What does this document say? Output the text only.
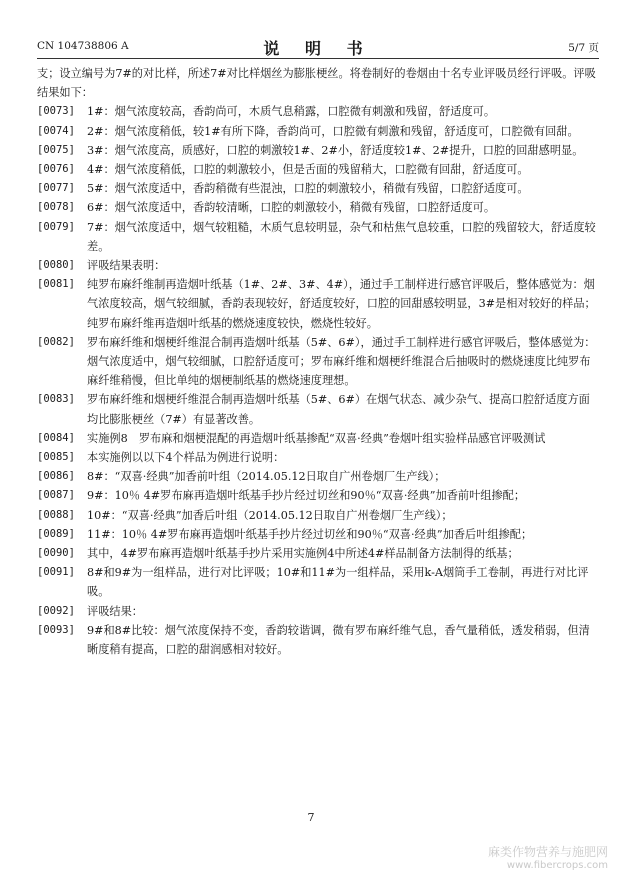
CN 104738806 A	说 明 书	5/7 页

支；设立编号为7#的对比样，所述7#对比样烟丝为膨胀梗丝。将卷制好的卷烟由十名专业评吸员经行评吸。评吸结果如下：

[0073] 1#：烟气浓度较高，香韵尚可，木质气息稍露，口腔微有刺激和残留，舒适度可。

[0074] 2#：烟气浓度稍低，较1#有所下降，香韵尚可，口腔微有刺激和残留，舒适度可，口腔微有回甜。

[0075] 3#：烟气浓度高，质感好，口腔的刺激较1#、2#小，舒适度较1#、2#提升，口腔的回甜感明显。

[0076] 4#：烟气浓度稍低，口腔的刺激较小，但是舌面的残留稍大，口腔微有回甜，舒适度可。

[0077] 5#：烟气浓度适中，香韵稍微有些混浊，口腔的刺激较小，稍微有残留，口腔舒适度可。

[0078] 6#：烟气浓度适中，香韵较清晰，口腔的刺激较小，稍微有残留，口腔舒适度可。

[0079] 7#：烟气浓度适中，烟气较粗糙，木质气息较明显，杂气和枯焦气息较重，口腔的残留较大，舒适度较差。

[0080] 评吸结果表明：

[0081] 纯罗布麻纤维制再造烟叶纸基（1#、2#、3#、4#），通过手工制样进行感官评吸后，整体感觉为：烟气浓度较高，烟气较细腻，香韵表现较好，舒适度较好，口腔的回甜感较明显，3#是相对较好的样品；纯罗布麻纤维再造烟叶纸基的燃烧速度较快，燃烧性较好。

[0082] 罗布麻纤维和烟梗纤维混合制再造烟叶纸基（5#、6#），通过手工制样进行感官评吸后，整体感觉为：烟气浓度适中，烟气较细腻，口腔舒适度可；罗布麻纤维和烟梗纤维混合后抽吸时的燃烧速度比纯罗布麻纤维稍慢，但比单纯的烟梗制纸基的燃烧速度理想。

[0083] 罗布麻纤维和烟梗纤维混合制再造烟叶纸基（5#、6#）在烟气状态、减少杂气、提高口腔舒适度方面均比膨胀梗丝（7#）有显著改善。

[0084] 实施例8　罗布麻和烟梗混配的再造烟叶纸基掺配“双喜·经典”卷烟叶组实验样品感官评吸测试

[0085] 本实施例以以下4个样品为例进行说明：

[0086] 8#：“双喜·经典”加香前叶组（2014.05.12日取自广州卷烟厂生产线）；

[0087] 9#：10％ 4#罗布麻再造烟叶纸基手抄片经过切丝和90％“双喜·经典”加香前叶组掺配；

[0088] 10#：“双喜·经典”加香后叶组（2014.05.12日取自广州卷烟厂生产线）；

[0089] 11#：10％ 4#罗布麻再造烟叶纸基手抄片经过切丝和90％“双喜·经典”加香后叶组掺配；

[0090] 其中，4#罗布麻再造烟叶纸基手抄片采用实施例4中所述4#样品制备方法制得的纸基；

[0091] 8#和9#为一组样品，进行对比评吸；10#和11#为一组样品，采用k-A烟筒手工卷制，再进行对比评吸。

[0092] 评吸结果：

[0093] 9#和8#比较：烟气浓度保持不变，香韵较谐调，微有罗布麻纤维气息，香气量稍低，透发稍弱，但清晰度稍有提高，口腔的甜润感相对较好。

7
麻类作物营养与施肥网
www.fibercrops.com
